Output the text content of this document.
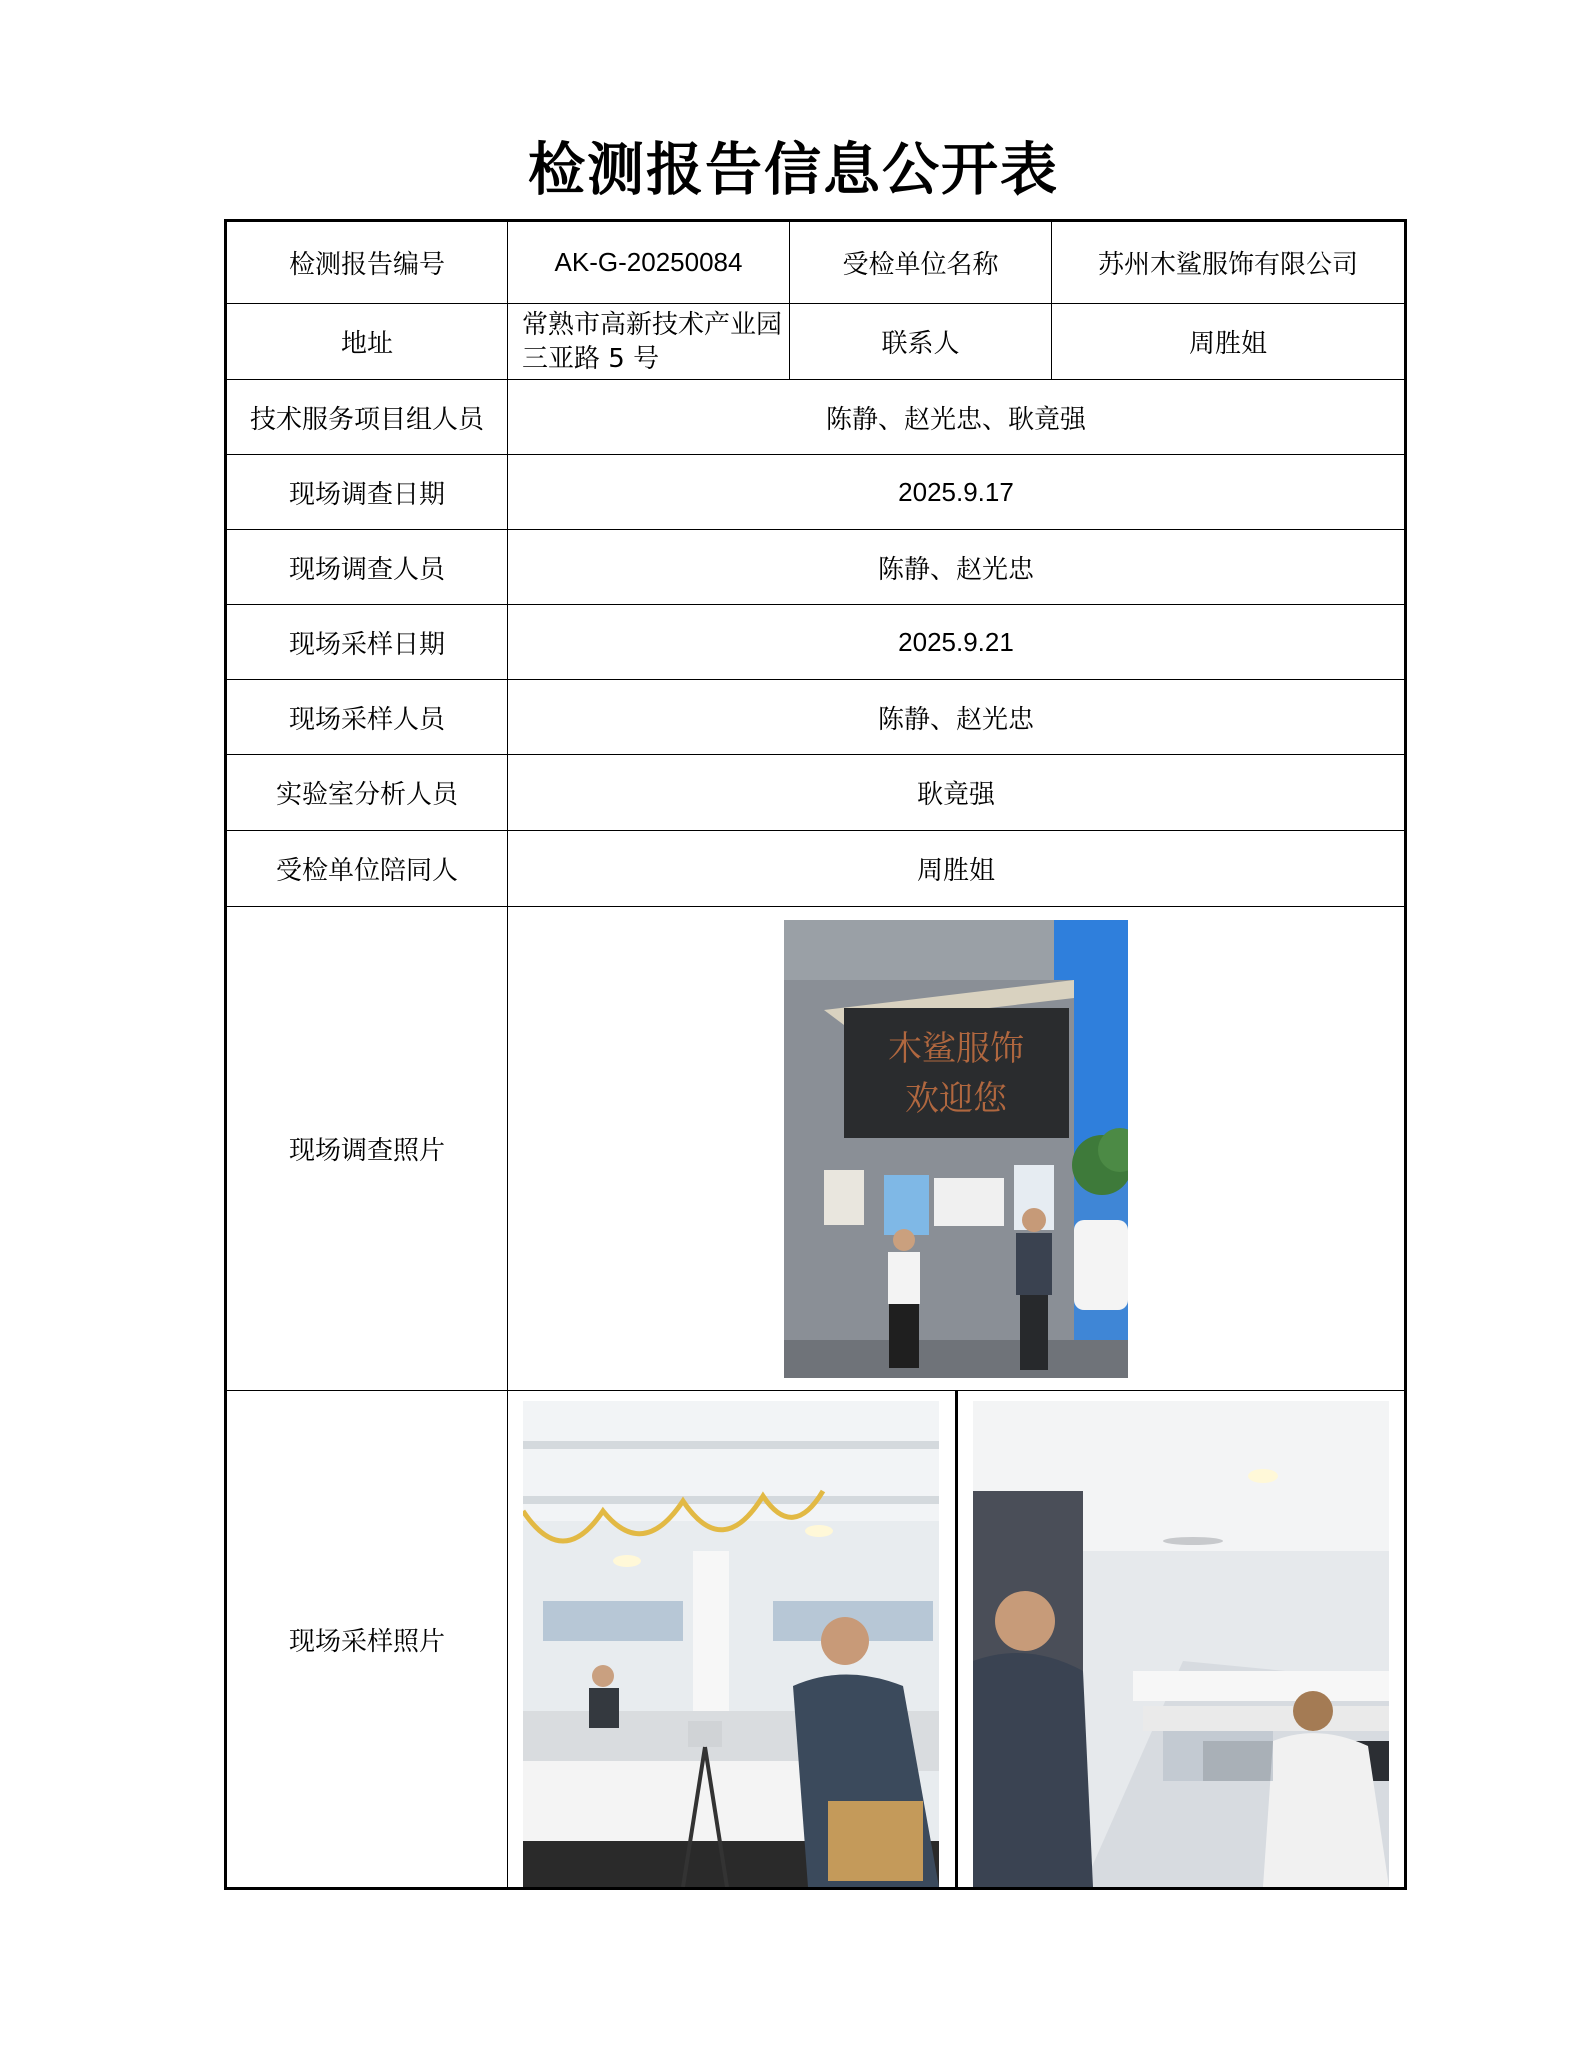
检测报告信息公开表
检测报告编号	AK-G-20250084	受检单位名称	苏州木鲨服饰有限公司
地址	常熟市高新技术产业园三亚路 5 号	联系人	周胜姐
技术服务项目组人员	陈静、赵光忠、耿竟强		
现场调查日期	2025.9.17		
现场调查人员	陈静、赵光忠		
现场采样日期	2025.9.21		
现场采样人员	陈静、赵光忠		
实验室分析人员	耿竟强		
受检单位陪同人	周胜姐		
现场调查照片	木鲨服饰
欢迎您		

现场采样照片	
